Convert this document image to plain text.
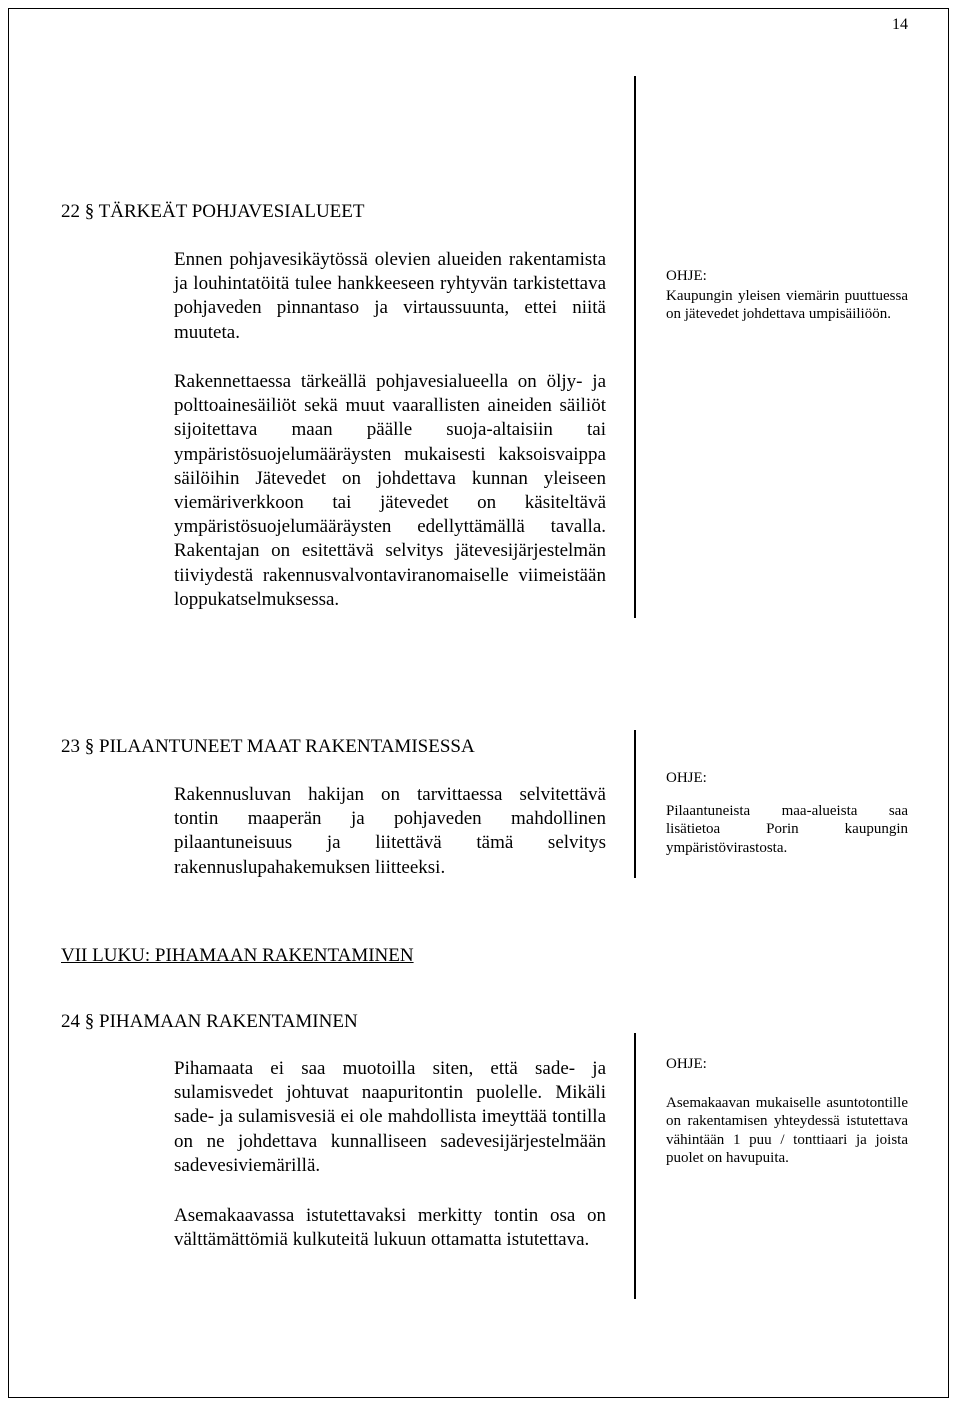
14
22 § TÄRKEÄT POHJAVESIALUEET

Ennen pohjavesikäytössä olevien alueiden rakentamista ja louhintatöitä tulee hankkeeseen ryhtyvän tarkistettava pohjaveden pinnantaso ja virtaussuunta, ettei niitä muuteta.

Rakennettaessa tärkeällä pohjavesialueella on öljy- ja polttoainesäiliöt sekä muut vaarallisten aineiden säiliöt sijoitettava maan päälle suoja-altaisiin tai ympäristösuojelumääräysten mukaisesti kaksoisvaippa säilöihin Jätevedet on johdettava kunnan yleiseen viemäriverkkoon tai jätevedet on käsiteltävä ympäristösuojelumääräysten edellyttämällä tavalla. Rakentajan on esitettävä selvitys jätevesijärjestelmän tiiviydestä rakennusvalvontaviranomaiselle viimeistään loppukatselmuksessa.

OHJE:
Kaupungin yleisen viemärin puuttuessa on jätevedet johdettava umpisäiliöön.
23 § PILAANTUNEET MAAT RAKENTAMISESSA

Rakennusluvan hakijan on tarvittaessa selvitettävä tontin maaperän ja pohjaveden mahdollinen pilaantuneisuus ja liitettävä tämä selvitys rakennuslupahakemuksen liitteeksi.

OHJE:
Pilaantuneista maa-alueista saa lisätietoa Porin kaupungin ympäristövirastosta.
VII LUKU: PIHAMAAN RAKENTAMINEN
24 § PIHAMAAN RAKENTAMINEN

Pihamaata ei saa muotoilla siten, että sade- ja sulamisvedet johtuvat naapuritontin puolelle. Mikäli sade- ja sulamisvesiä ei ole mahdollista imeyttää tontilla on ne johdettava kunnalliseen sadevesijärjestelmään sadevesiviemärillä.

Asemakaavassa istutettavaksi merkitty tontin osa on välttämättömiä kulkuteitä lukuun ottamatta istutettava.

OHJE:
Asemakaavan mukaiselle asuntotontille on rakentamisen yhteydessä istutettava vähintään 1 puu / tonttiaari ja joista puolet on havupuita.
